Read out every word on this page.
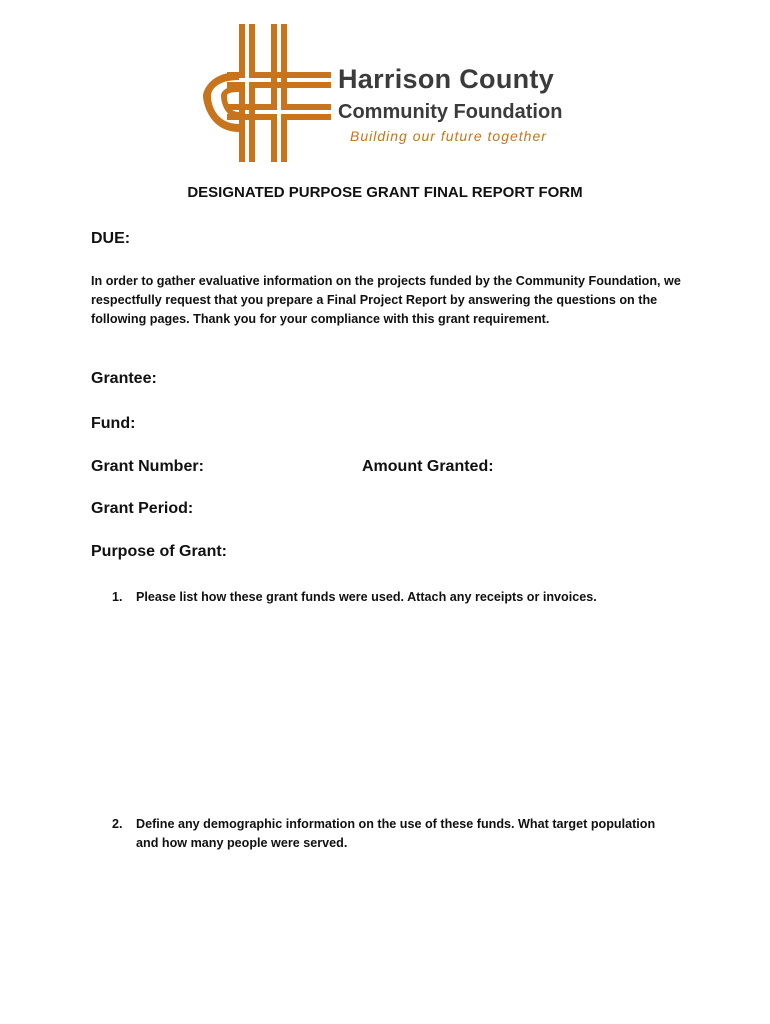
Harrison County
Community Foundation
Building our future together
DESIGNATED PURPOSE GRANT FINAL REPORT FORM
DUE:
In order to gather evaluative information on the projects funded by the Community Foundation, we respectfully request that you prepare a Final Project Report by answering the questions on the following pages. Thank you for your compliance with this grant requirement.
Grantee:
Fund:
Grant Number:	Amount Granted:
Grant Period:
Purpose of Grant:
1. Please list how these grant funds were used. Attach any receipts or invoices.
2. Define any demographic information on the use of these funds. What target population and how many people were served.
